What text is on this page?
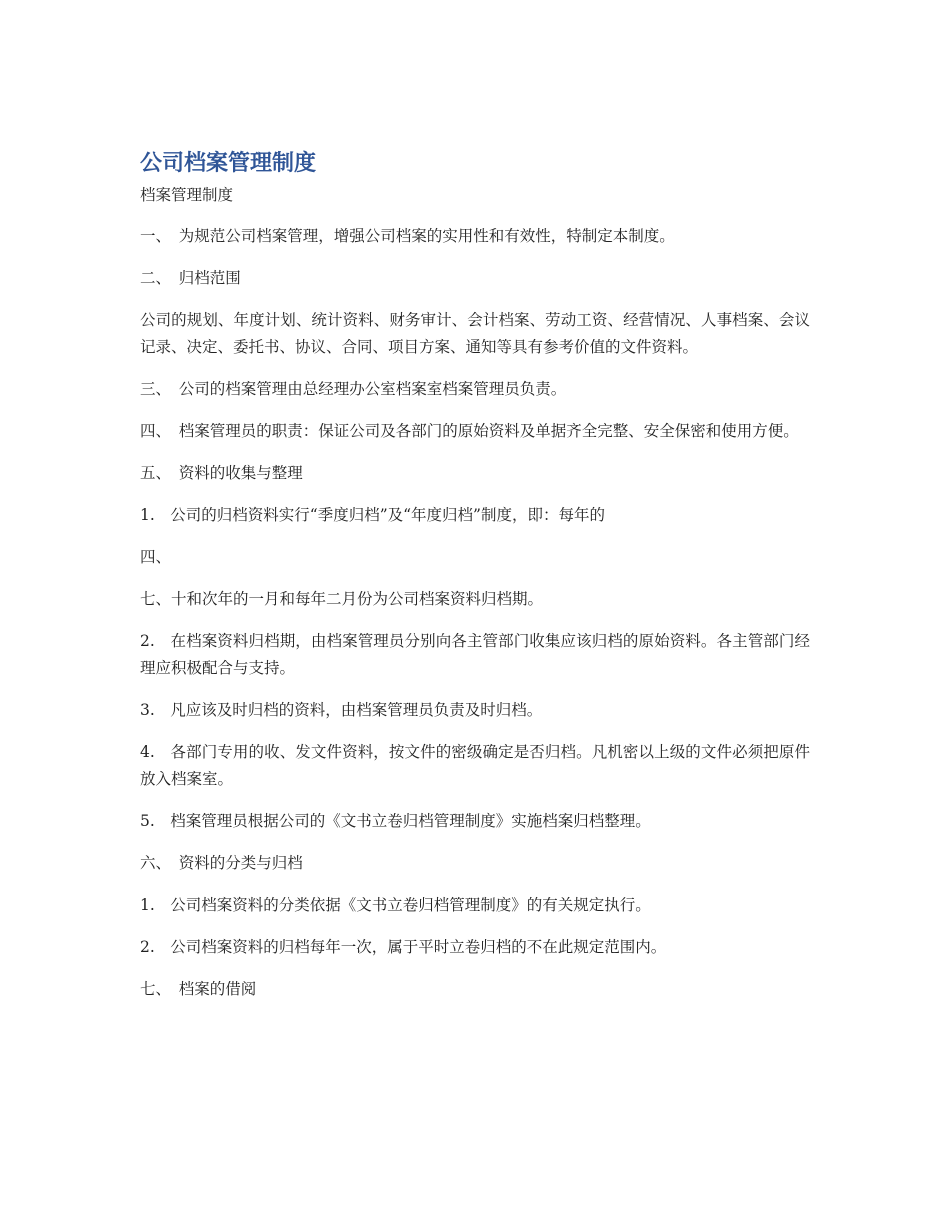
公司档案管理制度
档案管理制度

一、　为规范公司档案管理，增强公司档案的实用性和有效性，特制定本制度。

二、　归档范围

公司的规划、年度计划、统计资料、财务审计、会计档案、劳动工资、经营情况、人事档案、会议记录、决定、委托书、协议、合同、项目方案、通知等具有参考价值的文件资料。

三、　公司的档案管理由总经理办公室档案室档案管理员负责。

四、　档案管理员的职责：保证公司及各部门的原始资料及单据齐全完整、安全保密和使用方便。

五、　资料的收集与整理

1.　公司的归档资料实行“季度归档”及“年度归档”制度，即：每年的

四、

七、十和次年的一月和每年二月份为公司档案资料归档期。

2.　在档案资料归档期，由档案管理员分别向各主管部门收集应该归档的原始资料。各主管部门经理应积极配合与支持。

3.　凡应该及时归档的资料，由档案管理员负责及时归档。

4.　各部门专用的收、发文件资料，按文件的密级确定是否归档。凡机密以上级的文件必须把原件放入档案室。

5.　档案管理员根据公司的《文书立卷归档管理制度》实施档案归档整理。

六、　资料的分类与归档

1.　公司档案资料的分类依据《文书立卷归档管理制度》的有关规定执行。

2.　公司档案资料的归档每年一次，属于平时立卷归档的不在此规定范围内。

七、　档案的借阅
